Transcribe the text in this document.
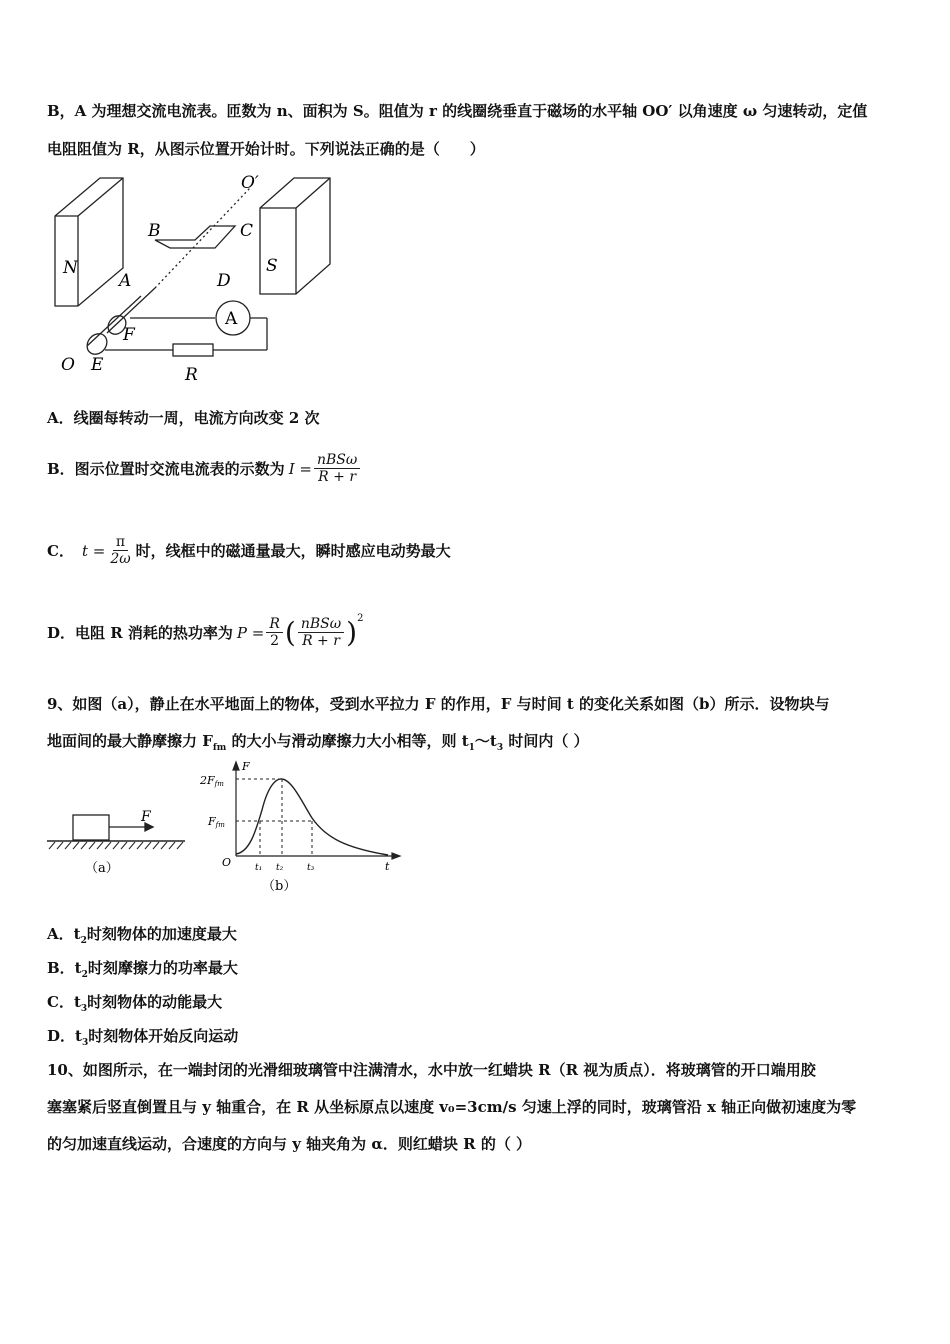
B，A 为理想交流电流表。匝数为 n、面积为 S。阻值为 r 的线圈绕垂直于磁场的水平轴 OO′ 以角速度 ω 匀速转动，定值
电阻阻值为 R，从图示位置开始计时。下列说法正确的是（　　）
O′
B	C
N
A	D
A
F
O E	R
S
A．线圈每转动一周，电流方向改变 2 次
B．图示位置时交流电流表的示数为 $I = \frac{\text{nBSω}}{R + r}$
C． $t = \frac{\pi}{2\omega}$ 时，线框中的磁通量最大，瞬时感应电动势最大
D．电阻 R 消耗的热功率为 $P = \frac{R}{2}$ ( $\frac{\text{nBSω}}{R + r} )^2$
9、如图（a），静止在水平地面上的物体，受到水平拉力 F 的作用，F 与时间 t 的变化关系如图（b）所示．设物块与
地面间的最大静摩擦力 $F_{fm}$ 的大小与滑动摩擦力大小相等，则 $t_1\sim t_3$ 时间内（ ）
F
（a）
F
2Ffm
Ffm
O	t₁ t₂	t₃	t
（b）
A．$t_2$时刻物体的加速度最大
B．$t_2$时刻摩擦力的功率最大
C．$t_3$时刻物体的动能最大
D．$t_3$时刻物体开始反向运动
10、如图所示，在一端封闭的光滑细玻璃管中注满清水，水中放一红蜡块 R（R 视为质点）．将玻璃管的开口端用胶
塞塞紧后竖直倒置且与 y 轴重合，在 R 从坐标原点以速度 v₀=3cm/s 匀速上浮的同时，玻璃管沿 x 轴正向做初速度为零
的匀加速直线运动，合速度的方向与 y 轴夹角为 α．则红蜡块 R 的（ ）
